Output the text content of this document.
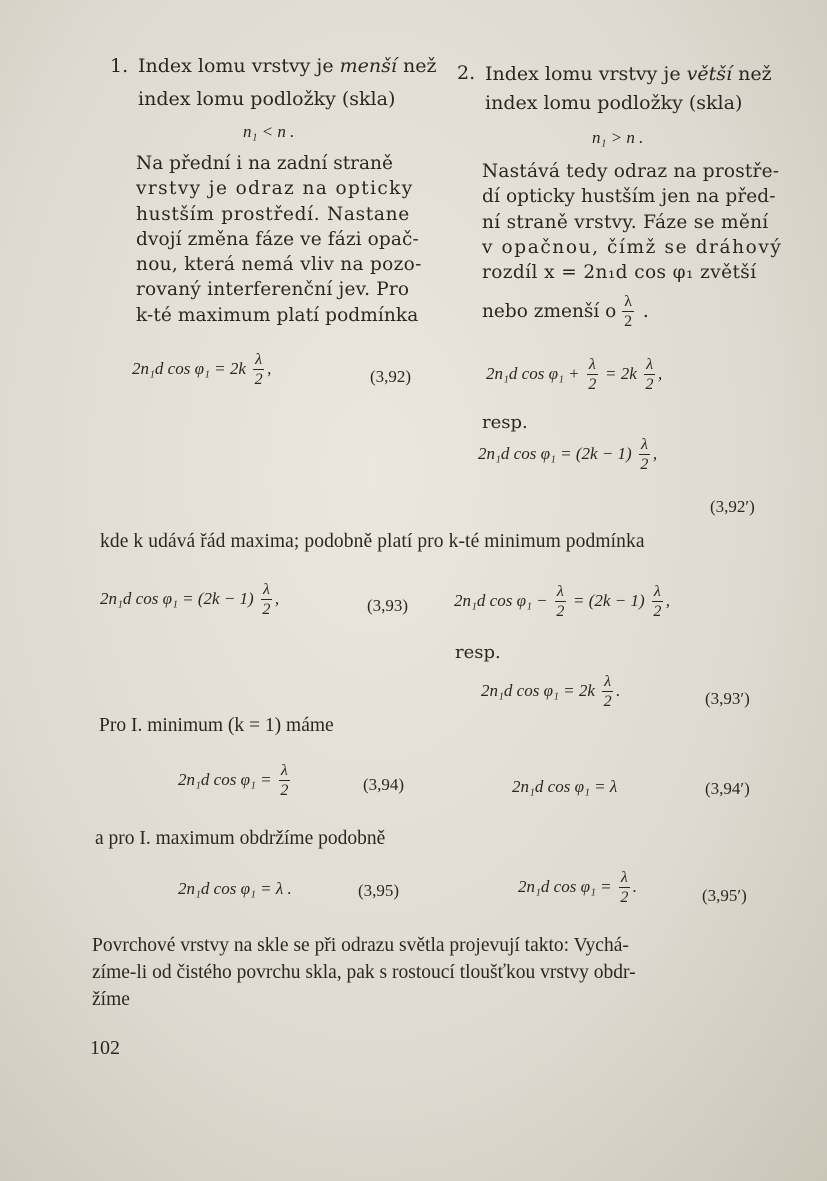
1. Index lomu vrstvy je menší než
index lomu podložky (skla)
n₁ < n .

Na přední i na zadní straně

vrstvy je odraz na opticky

hustším prostředí. Nastane

dvojí změna fáze ve fázi opač-

nou, která nemá vliv na pozo-

rovaný interferenční jev. Pro

k-té maximum platí podmínka

2n₁d $\cos \varphi_1 = 2k \frac{\lambda}{2}$ ,	(3,92)
2. Index lomu vrstvy je větší než
index lomu podložky (skla)
n₁ > n .

Nastává tedy odraz na prostře-

dí opticky hustším jen na před-

ní straně vrstvy. Fáze se mění

v opačnou, čímž se dráhový

rozdíl x = 2n₁d cos φ₁ zvětší

nebo zmenší o $\frac{\lambda}{2}$ .
2n₁d $\cos \varphi_1 + \frac{\lambda}{2} = 2k \frac{\lambda}{2}$ ,
resp.
2n₁d $\cos \varphi_1 = (2k - 1) \frac{\lambda}{2}$ ,
(3,92′)
kde k udává řád maxima; podobně platí pro k-té minimum podmínka
2n₁d $\cos \varphi_1 = (2k - 1) \frac{\lambda}{2}$ ,	(3,93)	2n₁d $\cos \varphi_1 - \frac{\lambda}{2} = (2k - 1) \frac{\lambda}{2}$ ,
resp.
2n₁d $\cos \varphi_1 = 2k \frac{\lambda}{2}$ .	(3,93′)
Pro I. minimum (k = 1) máme
2n₁d $\cos \varphi_1 = \frac{\lambda}{2}$	(3,94)	2n₁d cos φ₁ = λ	(3,94′)
a pro I. maximum obdržíme podobně
2n₁d cos φ₁ = λ .	(3,95)	2n₁d $\cos \varphi_1 = \frac{\lambda}{2}$ .	(3,95′)
Povrchové vrstvy na skle se při odrazu světla projevují takto: Vychá-
zíme-li od čistého povrchu skla, pak s rostoucí tloušťkou vrstvy obdr-
žíme
102
